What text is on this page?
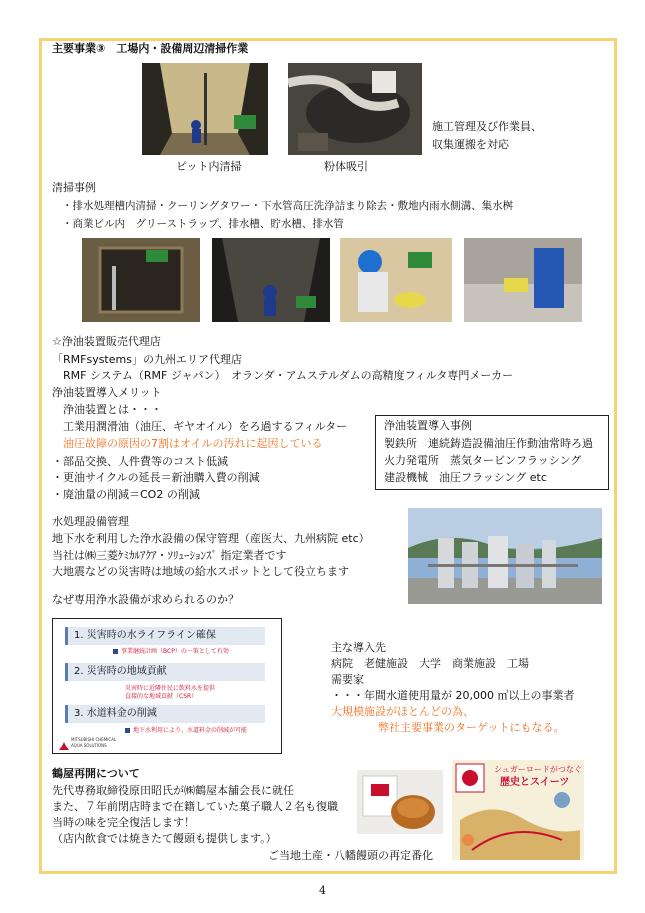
主要事業③　工場内・設備周辺清掃作業
ピット内清掃	粉体吸引
施工管理及び作業員、
収集運搬を対応
清掃事例
・排水処理槽内清掃・クーリングタワー・下水管高圧洗浄詰まり除去・敷地内雨水側溝、集水桝
・商業ビル内　グリーストラップ、排水槽、貯水槽、排水管
☆浄油装置販売代理店
「RMFsystems」の九州エリア代理店
　RMF システム（RMF ジャパン）　オランダ・アムステルダムの高精度フィルタ専門メーカー
浄油装置導入メリット
　浄油装置とは・・・
　工業用潤滑油（油圧、ギヤオイル）をろ過するフィルター
　油圧故障の原因の7割はオイルの汚れに起因している
・部品交換、人件費等のコスト低減
・更油サイクルの延長＝新油購入費の削減
・廃油量の削減＝CO2 の削減
浄油装置導入事例
製鉄所　連続鋳造設備油圧作動油常時ろ過
火力発電所　蒸気タービンフラッシング
建設機械　油圧フラッシング etc
水処理設備管理
地下水を利用した浄水設備の保守管理（産医大、九州病院 etc）
当社は㈱三菱ｹﾐｶﾙｱｸｱ・ｿﾘｭｰｼｮﾝｽﾞ 指定業者です
大地震などの災害時は地域の給水スポットとして役立ちます
なぜ専用浄水設備が求められるのか？
1. 災害時の水ライフライン確保
事業継続計画（BCP）の一策として有効
2. 災害時の地域貢献
災害時に近隣住民に飲料水を提供
直接的な地域貢献（CSR）
3. 水道料金の削減
地下水利用により、水道料金の削減が可能
MITSUBISHI CHEMICAL
AQUA SOLUTIONS
主な導入先
病院　老健施設　大学　商業施設　工場
需要家
・・・年間水道使用量が 20,000 ㎥以上の事業者
大規模施設がほとんどの為、
弊社主要事業のターゲットにもなる。
鶴屋再開について
先代専務取締役原田昭氏が㈱鶴屋本舗会長に就任
また、７年前閉店時まで在籍していた菓子職人２名も復職
当時の味を完全復活します！
（店内飲食では焼きたて饅頭も提供します。）
ご当地土産・八幡饅頭の再定番化
シュガーロードがつなぐ
歴史とスイーツ
4
